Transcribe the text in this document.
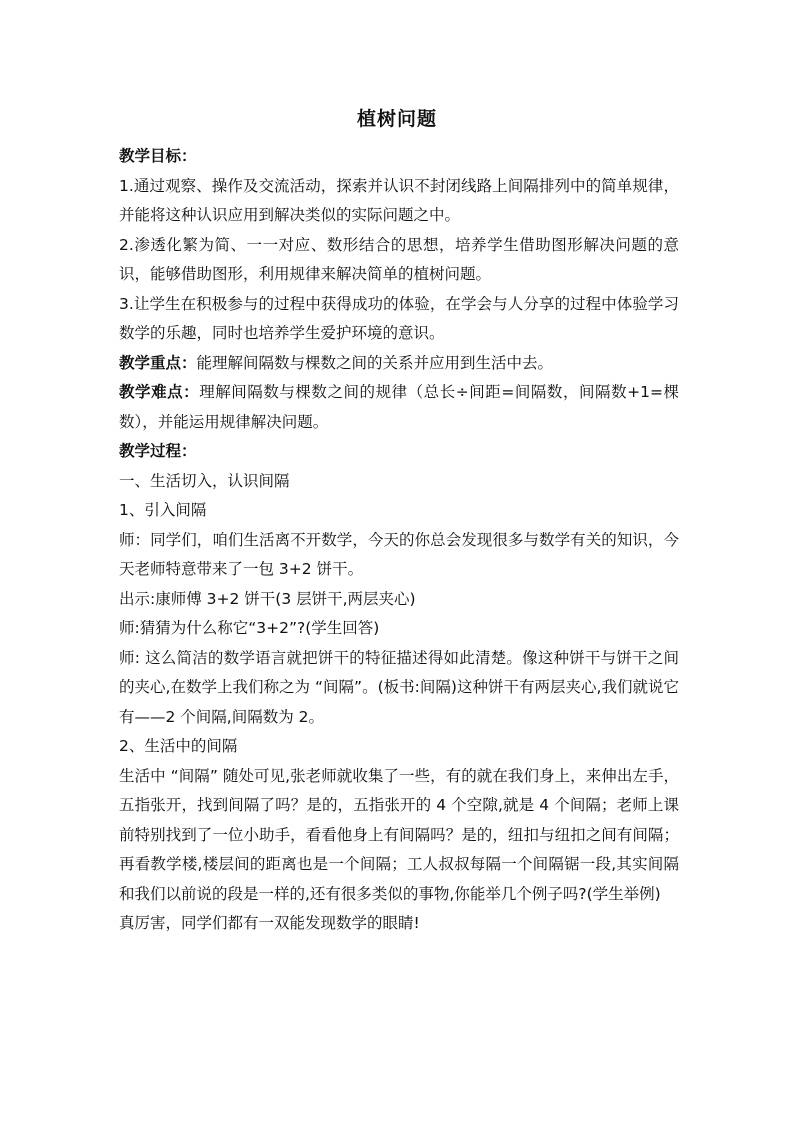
植树问题

教学目标：

1.通过观察、操作及交流活动，探索并认识不封闭线路上间隔排列中的简单规律，并能将这种认识应用到解决类似的实际问题之中。

2.渗透化繁为简、一一对应、数形结合的思想，培养学生借助图形解决问题的意识，能够借助图形，利用规律来解决简单的植树问题。

3.让学生在积极参与的过程中获得成功的体验，在学会与人分享的过程中体验学习数学的乐趣，同时也培养学生爱护环境的意识。

教学重点：能理解间隔数与棵数之间的关系并应用到生活中去。

教学难点：理解间隔数与棵数之间的规律（总长÷间距=间隔数，间隔数+1=棵数），并能运用规律解决问题。

教学过程：

一、生活切入，认识间隔

1、引入间隔

师：同学们，咱们生活离不开数学，今天的你总会发现很多与数学有关的知识，今天老师特意带来了一包 3+2 饼干。

出示:康师傅 3+2 饼干(3 层饼干,两层夹心)

师:猜猜为什么称它“3+2”?(学生回答)

师: 这么简洁的数学语言就把饼干的特征描述得如此清楚。像这种饼干与饼干之间的夹心,在数学上我们称之为 “间隔”。(板书:间隔)这种饼干有两层夹心,我们就说它有——2 个间隔,间隔数为 2。

2、生活中的间隔

生活中 “间隔” 随处可见,张老师就收集了一些，有的就在我们身上，来伸出左手，五指张开，找到间隔了吗？是的，五指张开的 4 个空隙,就是 4 个间隔；老师上课前特别找到了一位小助手，看看他身上有间隔吗？是的，纽扣与纽扣之间有间隔；再看教学楼,楼层间的距离也是一个间隔；工人叔叔每隔一个间隔锯一段,其实间隔和我们以前说的段是一样的,还有很多类似的事物,你能举几个例子吗?(学生举例)

真厉害，同学们都有一双能发现数学的眼睛!
